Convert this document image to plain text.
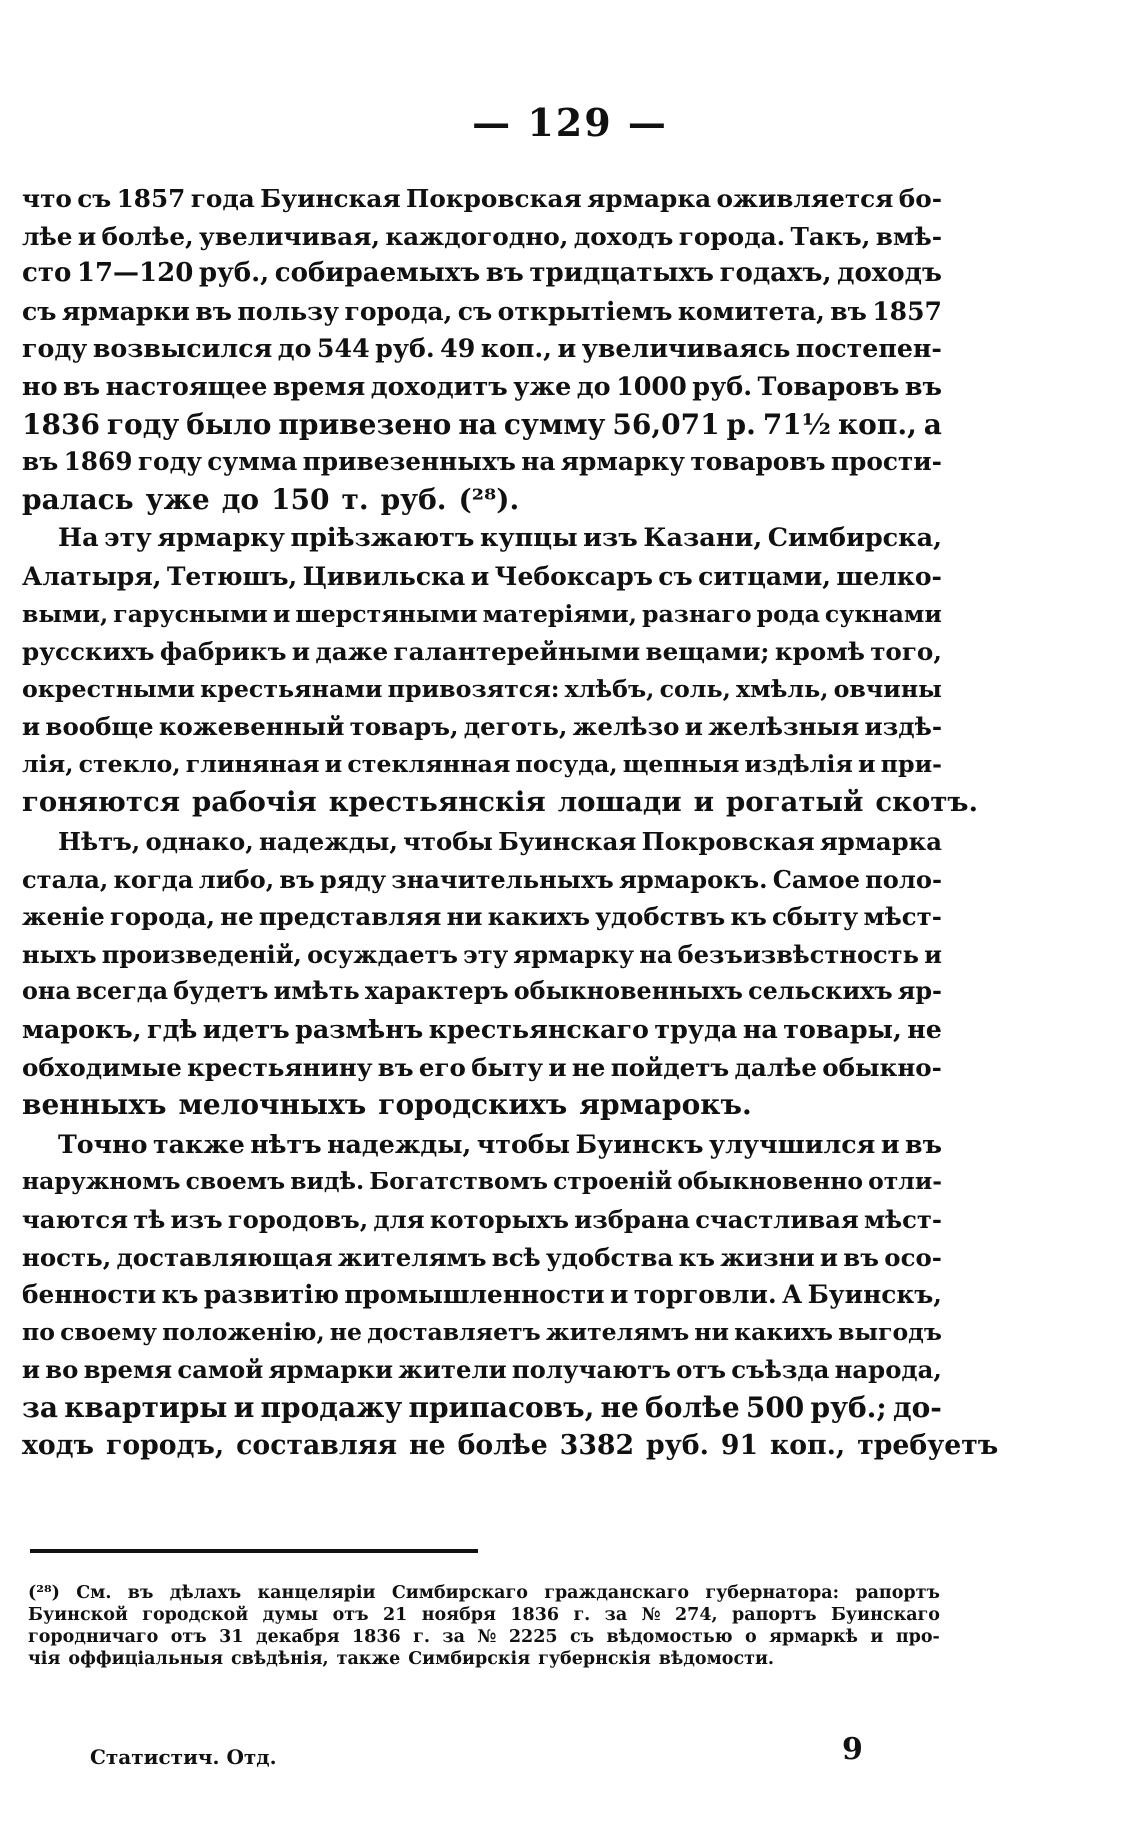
— 129 —
что съ 1857 года Буинская Покровская ярмарка оживляется бо-
лѣе и болѣе, увеличивая, каждогодно, доходъ города. Такъ, вмѣ-
сто 17—120 руб., собираемыхъ въ тридцатыхъ годахъ, доходъ
съ ярмарки въ пользу города, съ открытіемъ комитета, въ 1857
году возвысился до 544 руб. 49 коп., и увеличиваясь постепен-
но въ настоящее время доходитъ уже до 1000 руб. Товаровъ въ
1836 году было привезено на сумму 56,071 р. 71½ коп., а
въ 1869 году сумма привезенныхъ на ярмарку товаровъ прости-
ралась уже до 150 т. руб. (²⁸).
На эту ярмарку пріѣзжаютъ купцы изъ Казани, Симбирска,
Алатыря, Тетюшъ, Цивильска и Чебоксаръ съ ситцами, шелко-
выми, гарусными и шерстяными матеріями, разнаго рода сукнами
русскихъ фабрикъ и даже галантерейными вещами; кромѣ того,
окрестными крестьянами привозятся: хлѣбъ, соль, хмѣль, овчины
и вообще кожевенный товаръ, деготь, желѣзо и желѣзныя издѣ-
лія, стекло, глиняная и стеклянная посуда, щепныя издѣлія и при-
гоняются рабочія крестьянскія лошади и рогатый скотъ.
Нѣтъ, однако, надежды, чтобы Буинская Покровская ярмарка
стала, когда либо, въ ряду значительныхъ ярмарокъ. Самое поло-
женіе города, не представляя ни какихъ удобствъ къ сбыту мѣст-
ныхъ произведеній, осуждаетъ эту ярмарку на безъизвѣстность и
она всегда будетъ имѣть характеръ обыкновенныхъ сельскихъ яр-
марокъ, гдѣ идетъ размѣнъ крестьянскаго труда на товары, не
обходимые крестьянину въ его быту и не пойдетъ далѣе обыкно-
венныхъ мелочныхъ городскихъ ярмарокъ.
Точно также нѣтъ надежды, чтобы Буинскъ улучшился и въ
наружномъ своемъ видѣ. Богатствомъ строеній обыкновенно отли-
чаются тѣ изъ городовъ, для которыхъ избрана счастливая мѣст-
ность, доставляющая жителямъ всѣ удобства къ жизни и въ осо-
бенности къ развитію промышленности и торговли. А Буинскъ,
по своему положенію, не доставляетъ жителямъ ни какихъ выгодъ
и во время самой ярмарки жители получаютъ отъ съѣзда народа,
за квартиры и продажу припасовъ, не болѣе 500 руб.; до-
ходъ городъ, составляя не болѣе 3382 руб. 91 коп., требуетъ
(²⁸) См. въ дѣлахъ канцеляріи Симбирскаго гражданскаго губернатора: рапортъ
Буинской городской думы отъ 21 ноября 1836 г. за № 274, рапортъ Буинскаго
городничаго отъ 31 декабря 1836 г. за № 2225 съ вѣдомостью о ярмаркѣ и про-
чія оффиціальныя свѣдѣнія, также Симбирскія губернскія вѣдомости.
Статистич. Отд.	9
